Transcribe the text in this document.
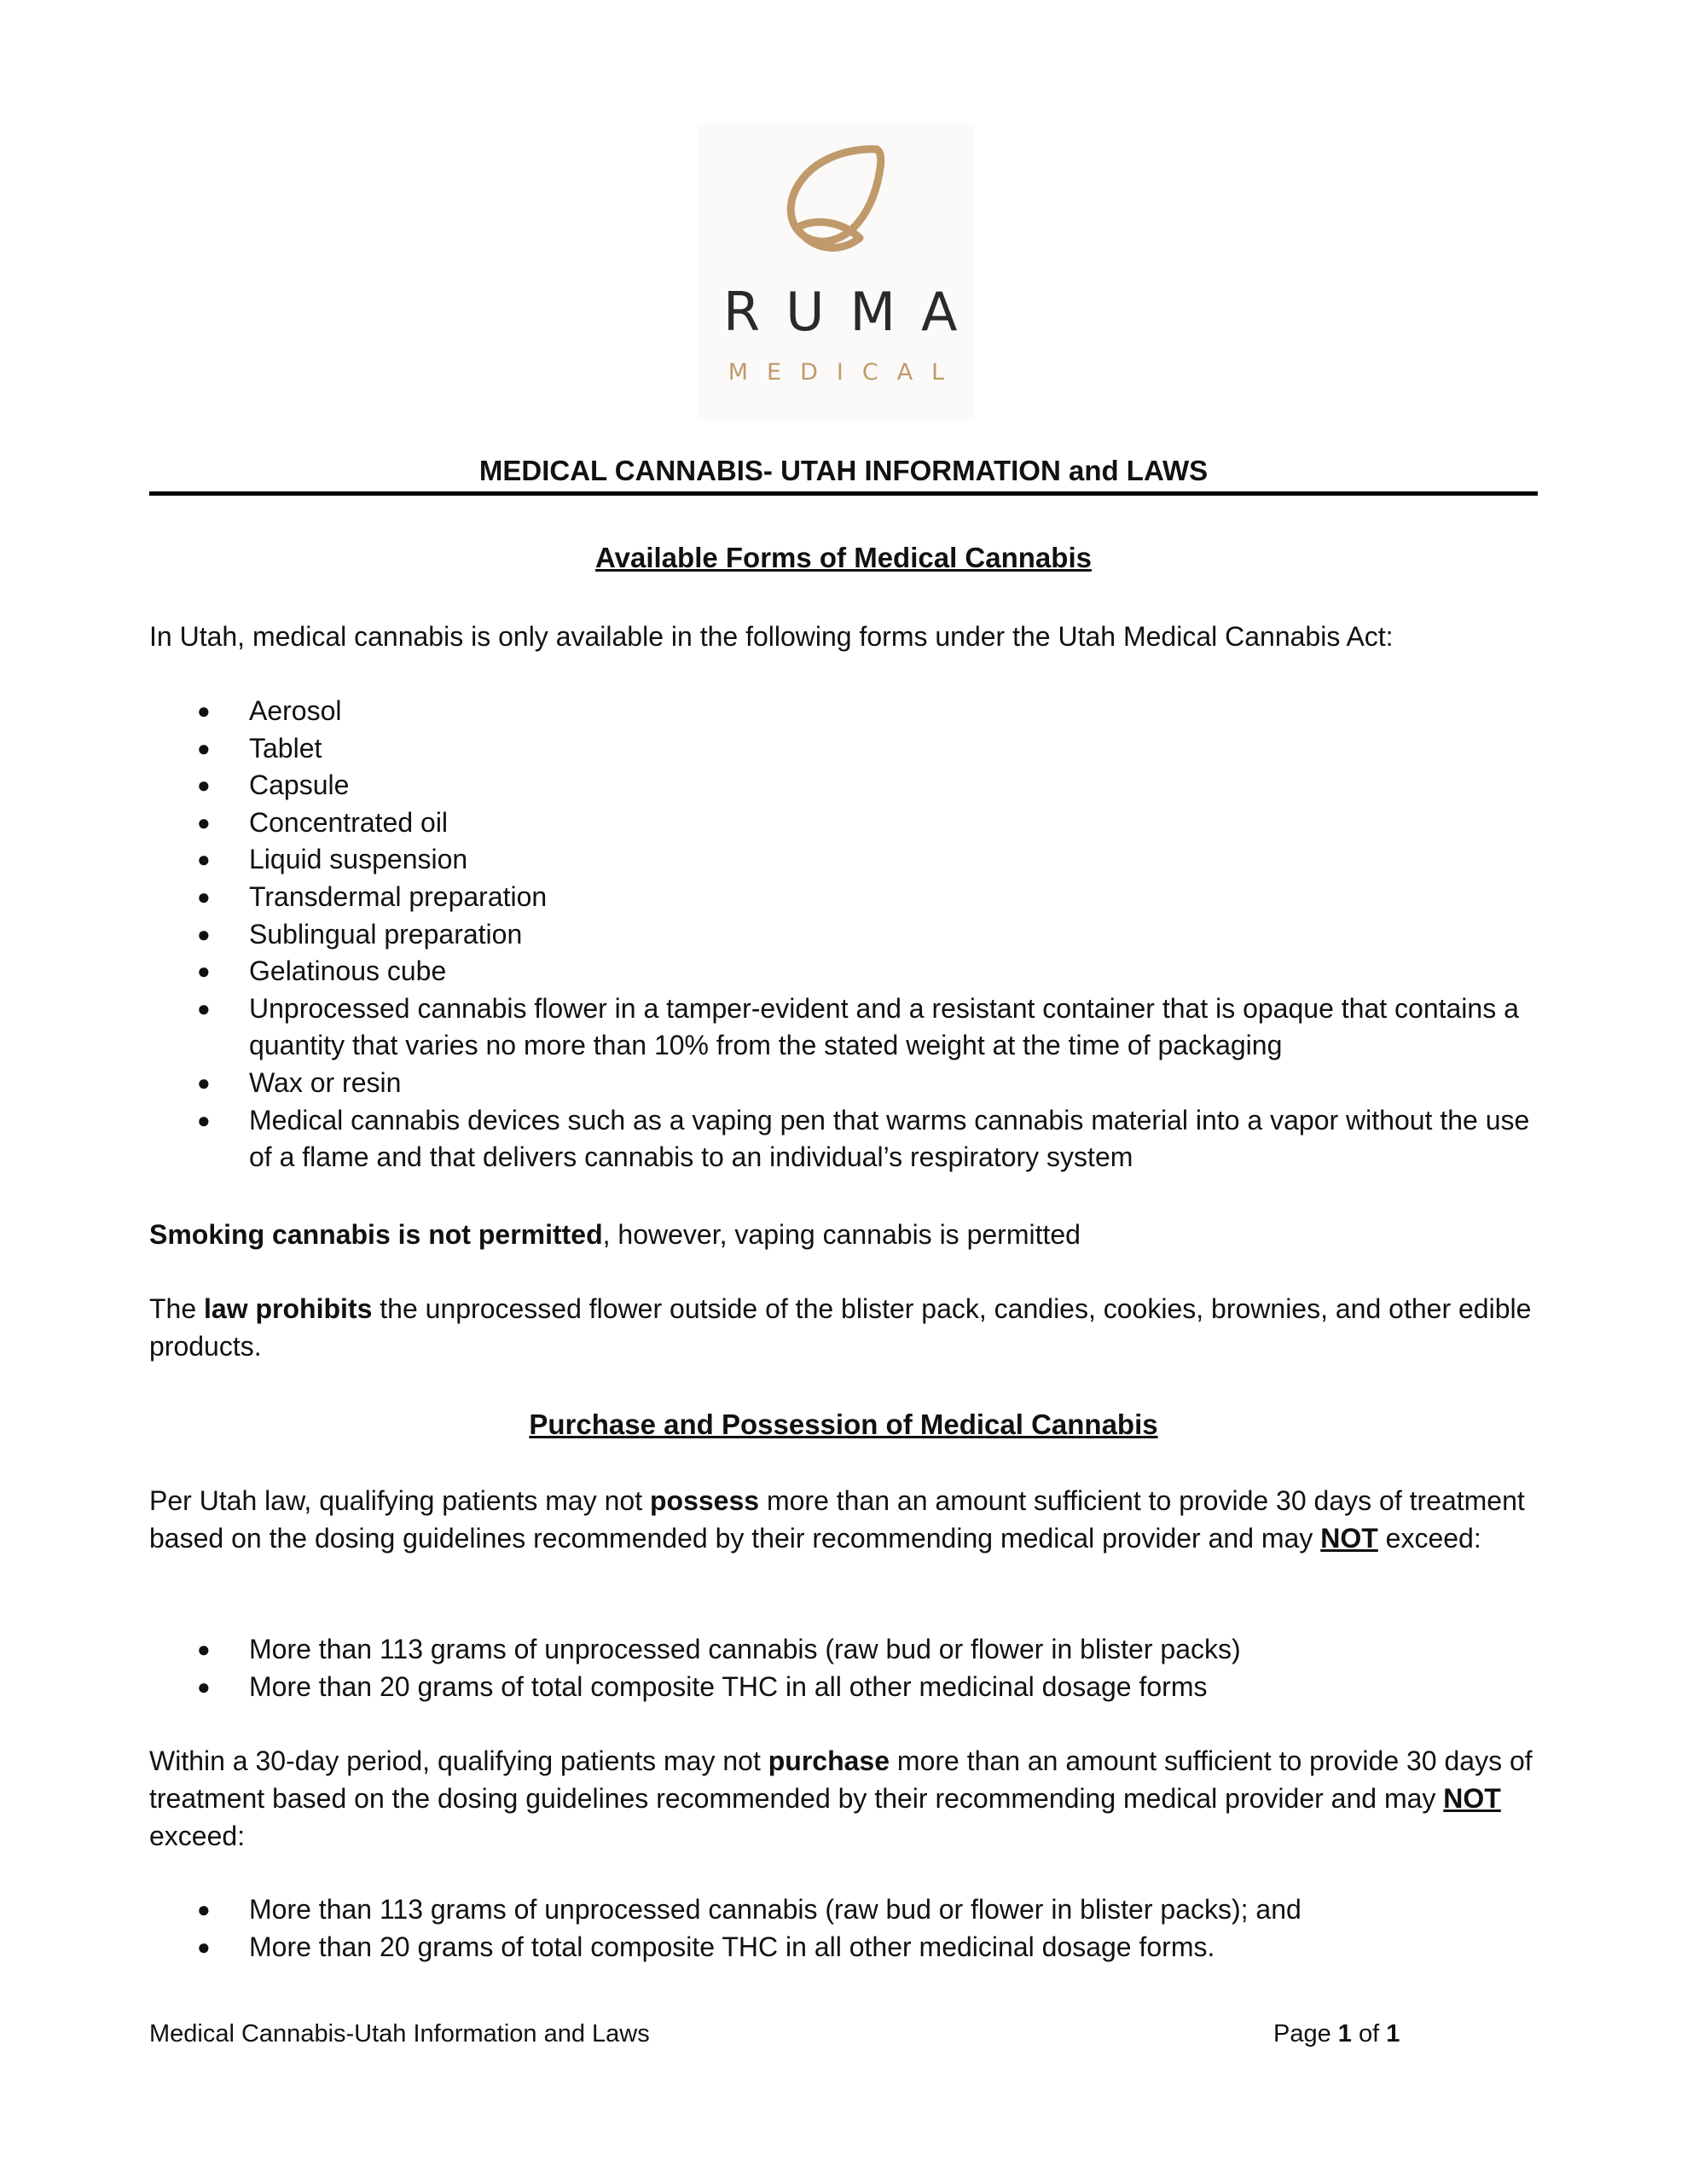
RUMA
MEDICAL
MEDICAL CANNABIS- UTAH INFORMATION and LAWS
Available Forms of Medical Cannabis
In Utah, medical cannabis is only available in the following forms under the Utah Medical Cannabis Act:
● Aerosol
● Tablet
● Capsule
● Concentrated oil
● Liquid suspension
● Transdermal preparation
● Sublingual preparation
● Gelatinous cube
● Unprocessed cannabis flower in a tamper-evident and a resistant container that is opaque that contains a quantity that varies no more than 10% from the stated weight at the time of packaging
● Wax or resin
● Medical cannabis devices such as a vaping pen that warms cannabis material into a vapor without the use of a flame and that delivers cannabis to an individual’s respiratory system
Smoking cannabis is not permitted, however, vaping cannabis is permitted
The law prohibits the unprocessed flower outside of the blister pack, candies, cookies, brownies, and other edible products.
Purchase and Possession of Medical Cannabis
Per Utah law, qualifying patients may not possess more than an amount sufficient to provide 30 days of treatment based on the dosing guidelines recommended by their recommending medical provider and may NOT exceed:
● More than 113 grams of unprocessed cannabis (raw bud or flower in blister packs)
● More than 20 grams of total composite THC in all other medicinal dosage forms
Within a 30-day period, qualifying patients may not purchase more than an amount sufficient to provide 30 days of treatment based on the dosing guidelines recommended by their recommending medical provider and may NOT exceed:
● More than 113 grams of unprocessed cannabis (raw bud or flower in blister packs); and
● More than 20 grams of total composite THC in all other medicinal dosage forms.
Medical Cannabis-Utah Information and Laws	Page 1 of 1
